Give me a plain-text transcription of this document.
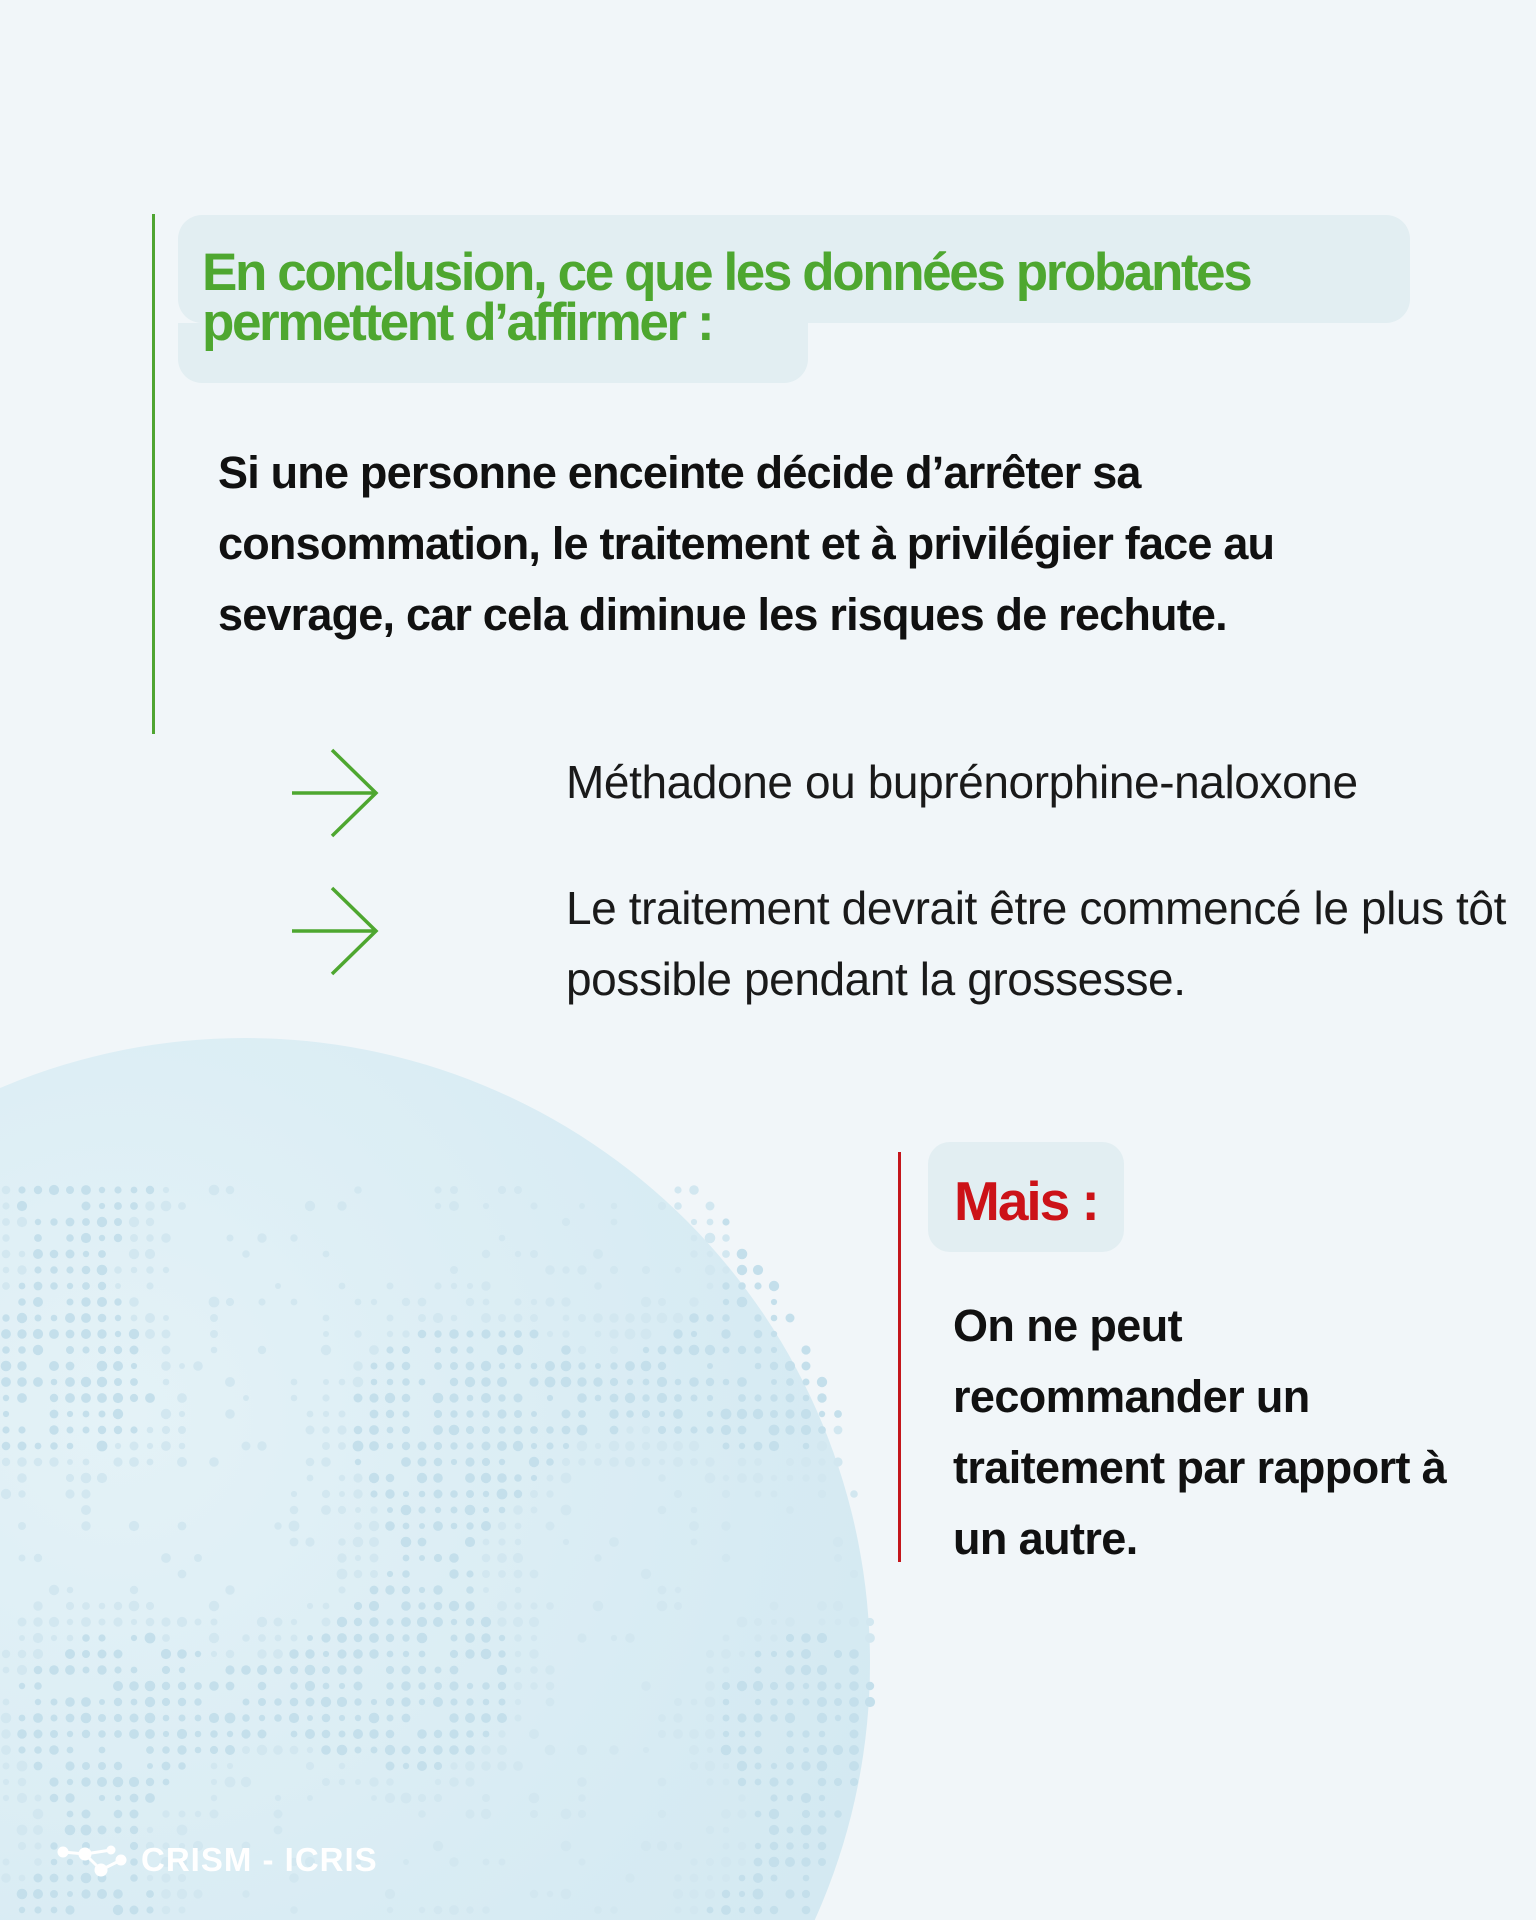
En conclusion, ce que les données probantes
permettent d’affirmer :

Si une personne enceinte décide d’arrêter sa consommation, le traitement et à privilégier face au sevrage, car cela diminue les risques de rechute.

Méthadone ou buprénorphine-naloxone
Le traitement devrait être commencé le plus tôt possible pendant la grossesse.
Mais :

On ne peut recommander un traitement par rapport à un autre.

CRISM - ICRIS
